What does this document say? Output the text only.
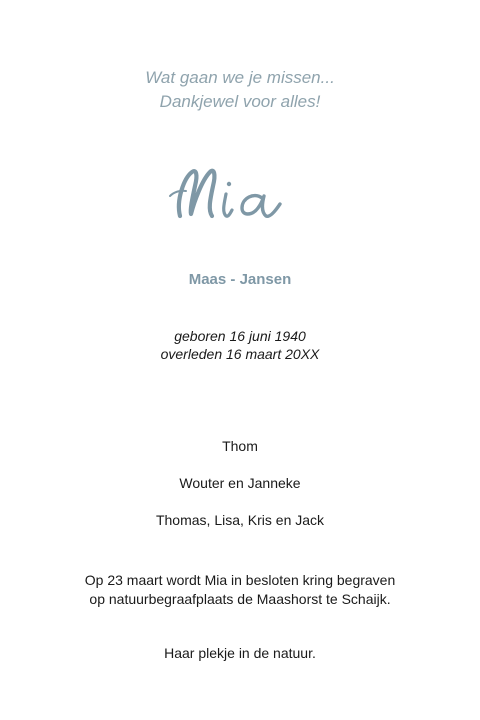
Wat gaan we je missen...
Dankjewel voor alles!
Mia
Maas - Jansen
geboren 16 juni 1940
overleden 16 maart 20XX
Thom
Wouter en Janneke
Thomas, Lisa, Kris en Jack
Op 23 maart wordt Mia in besloten kring begraven
op natuurbegraafplaats de Maashorst te Schaijk.
Haar plekje in de natuur.
